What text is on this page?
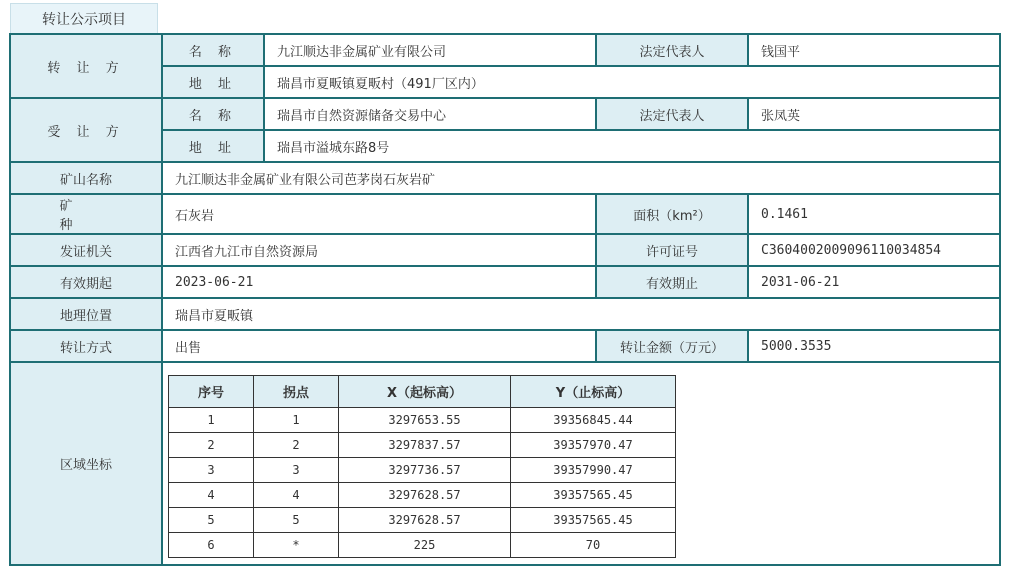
转让公示项目
转 让 方	名 称	九江顺达非金属矿业有限公司	法定代表人	钱国平
地 址	瑞昌市夏畈镇夏畈村（491厂区内）
受 让 方	名 称	瑞昌市自然资源储备交易中心	法定代表人	张凤英
地 址	瑞昌市溢城东路8号
矿山名称	九江顺达非金属矿业有限公司芭茅岗石灰岩矿
矿 种	石灰岩	面积（km²）	0.1461
发证机关	江西省九江市自然资源局	许可证号	C3604002009096110034854
有效期起	2023-06-21	有效期止	2031-06-21
地理位置	瑞昌市夏畈镇
转让方式	出售	转让金额（万元）	5000.3535
区域坐标	
序号	拐点	X（起标高）	Y（止标高）
1	1	3297653.55	39356845.44
2	2	3297837.57	39357970.47
3	3	3297736.57	39357990.47
4	4	3297628.57	39357565.45
5	5	3297628.57	39357565.45
6	*	225	70
